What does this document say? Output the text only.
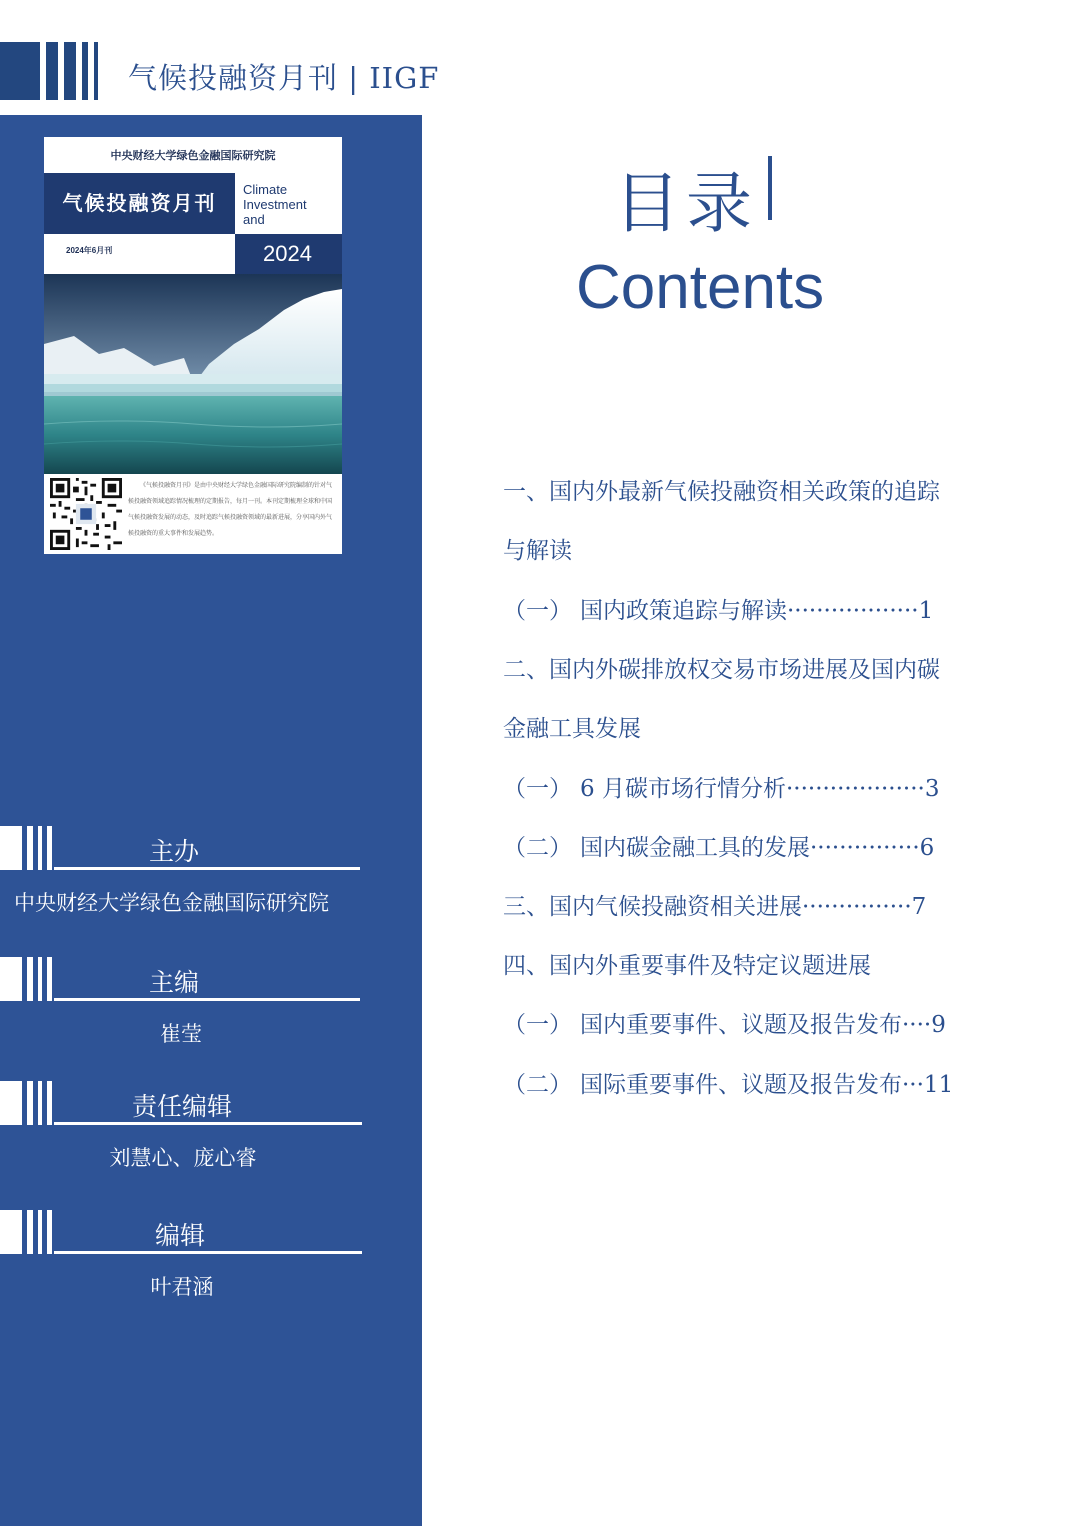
气候投融资月刊 | IIGF
中央财经大学绿色金融国际研究院
气候投融资月刊
Climate
Investment
and
2024年6月刊	2024
《气候投融资月刊》是由中央财经大学绿色金融国际研究院编制的针对气候投融资领域追踪情况梳理的定期报告，每月一刊。本刊定期梳理全球和中国气候投融资发展的动态，及时追踪气候投融资领域的最新进展，分享国内外气候投融资的重大事件和发展趋势。
主办
中央财经大学绿色金融国际研究院
主编
崔莹
责任编辑
刘慧心、庞心睿
编辑
叶君涵
目录
Contents
一、国内外最新气候投融资相关政策的追踪
与解读
（一） 国内政策追踪与解读··················1
二、国内外碳排放权交易市场进展及国内碳
金融工具发展
（一） 6 月碳市场行情分析···················3
（二） 国内碳金融工具的发展···············6
三、国内气候投融资相关进展···············7
四、国内外重要事件及特定议题进展
（一） 国内重要事件、议题及报告发布····9
（二） 国际重要事件、议题及报告发布···11
